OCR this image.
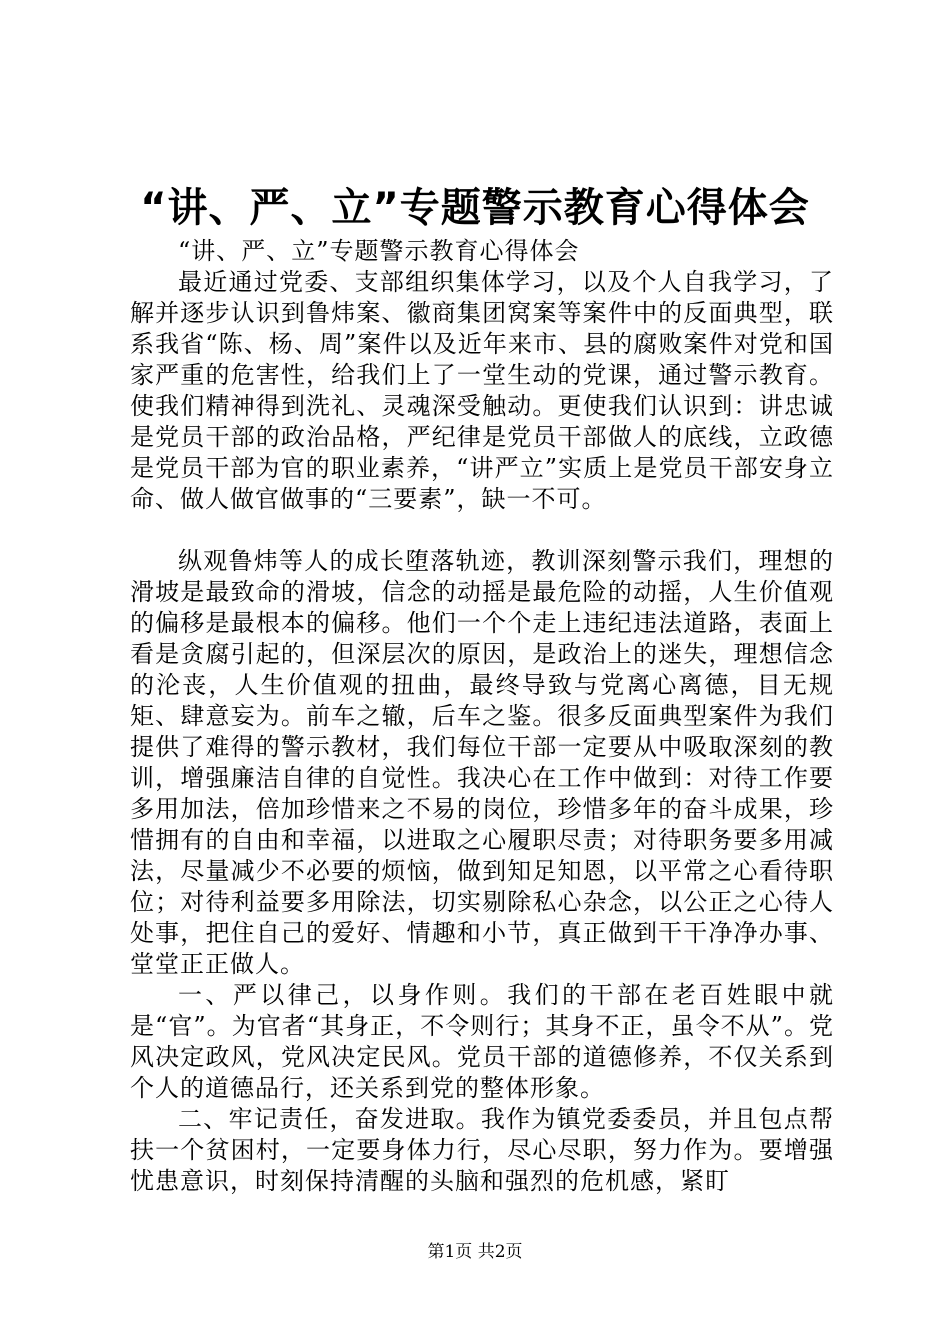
“讲、严、立”专题警示教育心得体会

“讲、严、立”专题警示教育心得体会

最近通过党委、支部组织集体学习，以及个人自我学习，了解并逐步认识到鲁炜案、徽商集团窝案等案件中的反面典型，联系我省“陈、杨、周”案件以及近年来市、县的腐败案件对党和国家严重的危害性，给我们上了一堂生动的党课，通过警示教育。使我们精神得到洗礼、灵魂深受触动。更使我们认识到：讲忠诚是党员干部的政治品格，严纪律是党员干部做人的底线，立政德是党员干部为官的职业素养，“讲严立”实质上是党员干部安身立命、做人做官做事的“三要素”，缺一不可。

纵观鲁炜等人的成长堕落轨迹，教训深刻警示我们，理想的滑坡是最致命的滑坡，信念的动摇是最危险的动摇，人生价值观的偏移是最根本的偏移。他们一个个走上违纪违法道路，表面上看是贪腐引起的，但深层次的原因，是政治上的迷失，理想信念的沦丧，人生价值观的扭曲，最终导致与党离心离德，目无规矩、肆意妄为。前车之辙，后车之鉴。很多反面典型案件为我们提供了难得的警示教材，我们每位干部一定要从中吸取深刻的教训，增强廉洁自律的自觉性。我决心在工作中做到：对待工作要多用加法，倍加珍惜来之不易的岗位，珍惜多年的奋斗成果，珍惜拥有的自由和幸福，以进取之心履职尽责；对待职务要多用减法，尽量减少不必要的烦恼，做到知足知恩，以平常之心看待职位；对待利益要多用除法，切实剔除私心杂念，以公正之心待人处事，把住自己的爱好、情趣和小节，真正做到干干净净办事、堂堂正正做人。

一、严以律己，以身作则。我们的干部在老百姓眼中就是“官”。为官者“其身正，不令则行；其身不正，虽令不从”。党风决定政风，党风决定民风。党员干部的道德修养，不仅关系到个人的道德品行，还关系到党的整体形象。

二、牢记责任，奋发进取。我作为镇党委委员，并且包点帮扶一个贫困村，一定要身体力行，尽心尽职，努力作为。要增强忧患意识，时刻保持清醒的头脑和强烈的危机感，紧盯

第1页 共2页
